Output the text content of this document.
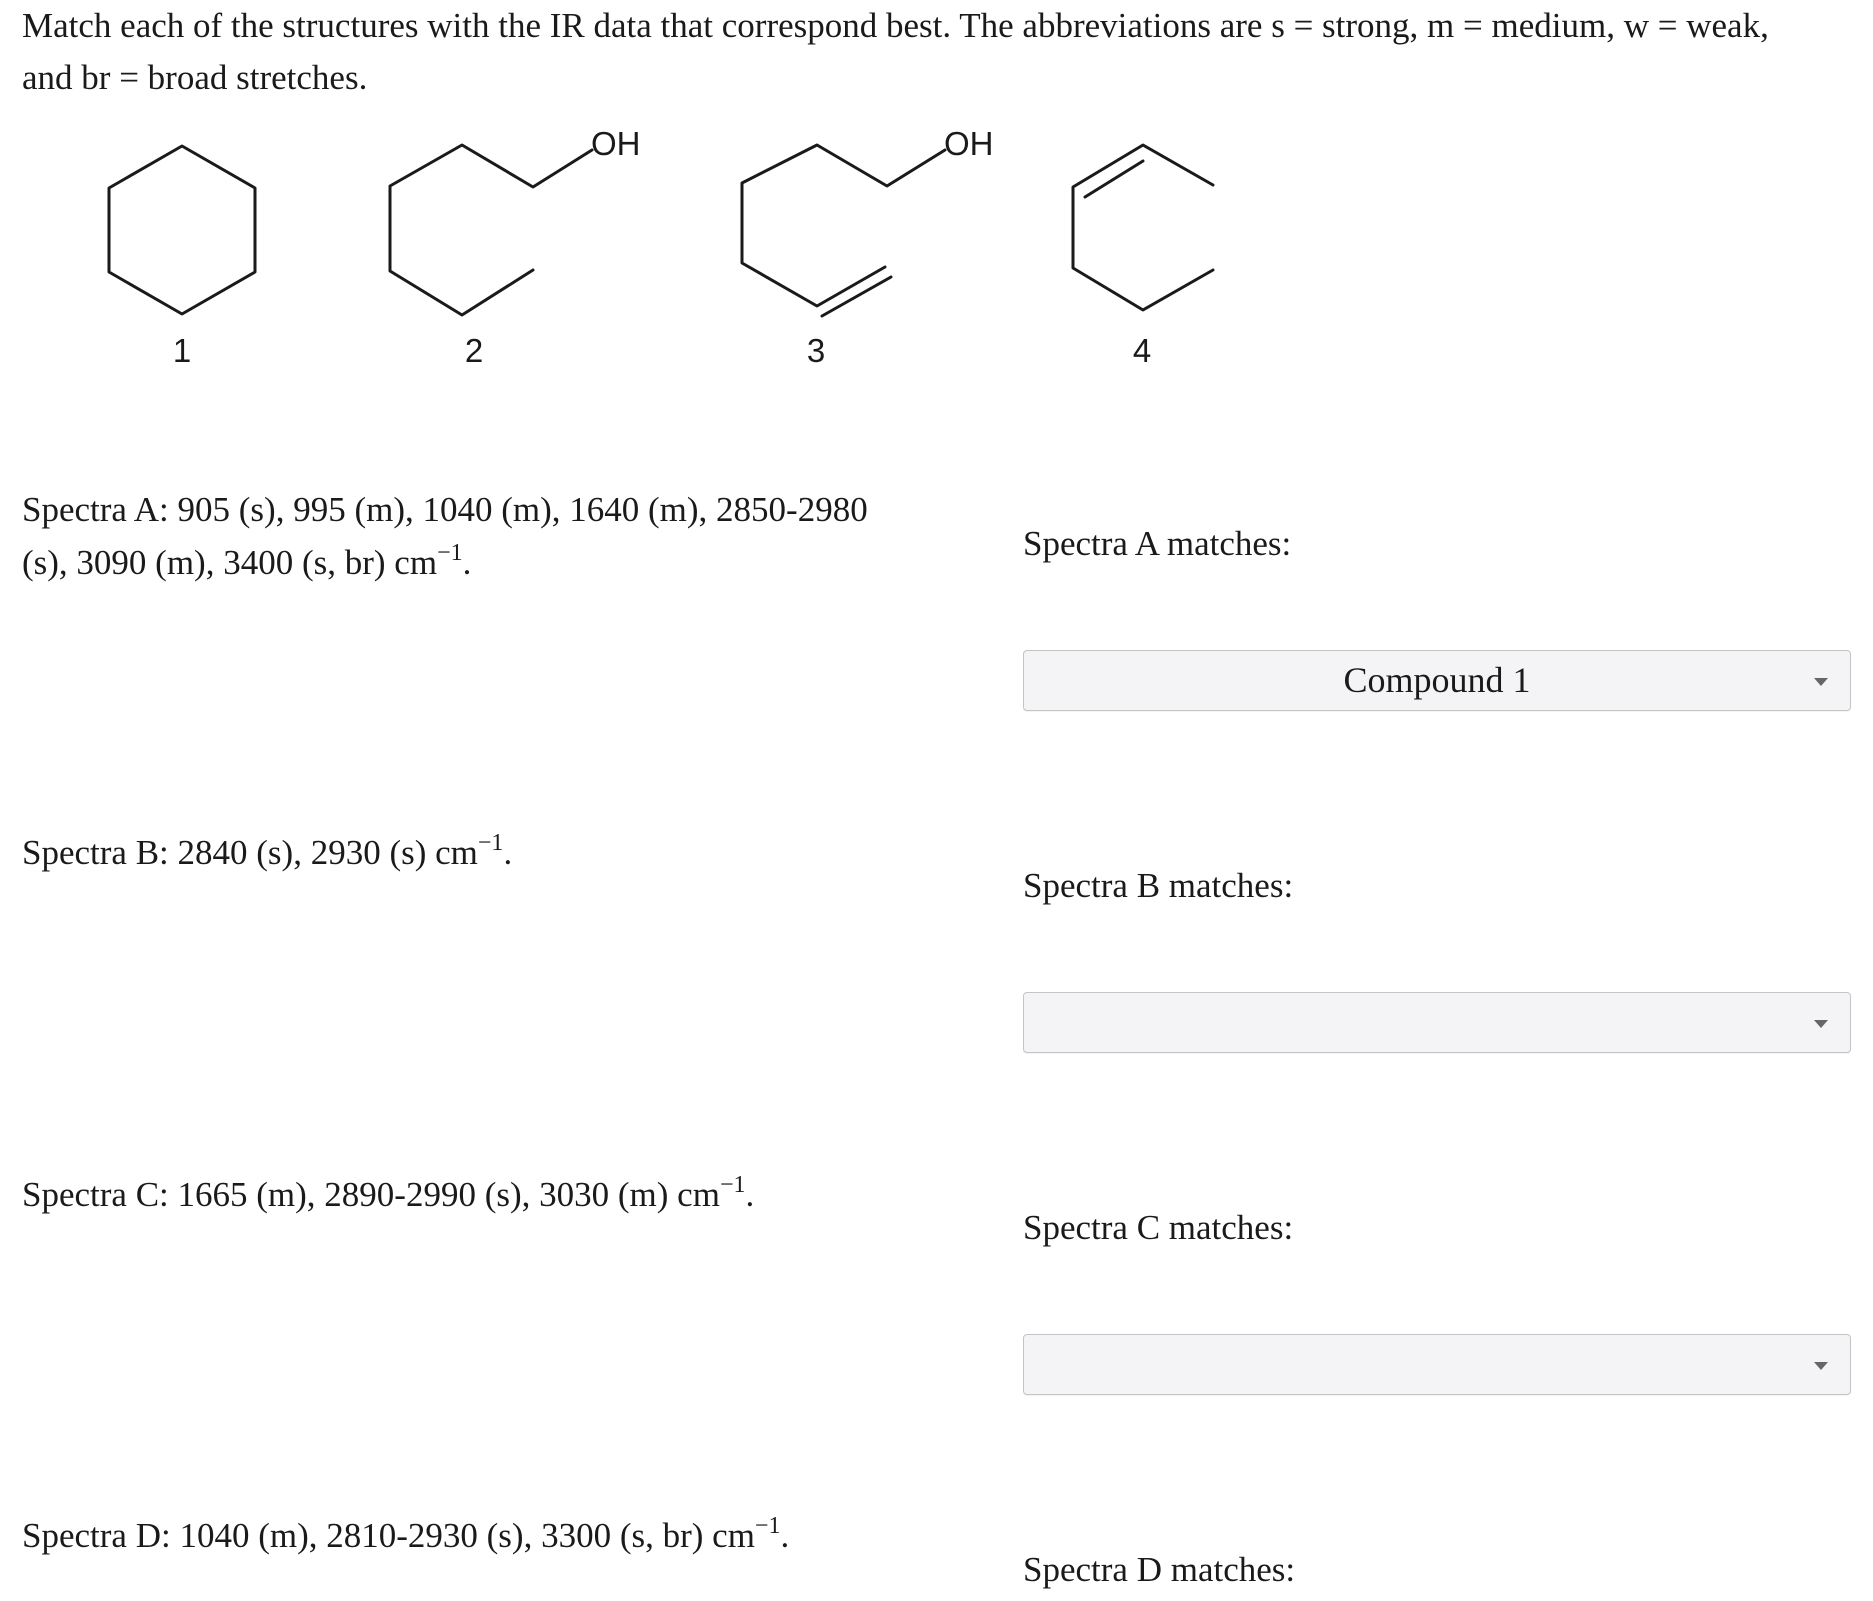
Match each of the structures with the IR data that correspond best. The abbreviations are s = strong, m = medium, w = weak,
and br = broad stretches.
OH	OH
1	2	3	4
Spectra A: 905 (s), 995 (m), 1040 (m), 1640 (m), 2850-2980 (s), 3090 (m), 3400 (s, br) $cm^{-1}$.	Spectra A matches:
Compound 1
Spectra B: 2840 (s), 2930 (s) $cm^{-1}$.
Spectra B matches:
Spectra C: 1665 (m), 2890-2990 (s), 3030 (m) $cm^{-1}$.
Spectra C matches:
Spectra D: 1040 (m), 2810-2930 (s), 3300 (s, br) $cm^{-1}$.
Spectra D matches:
